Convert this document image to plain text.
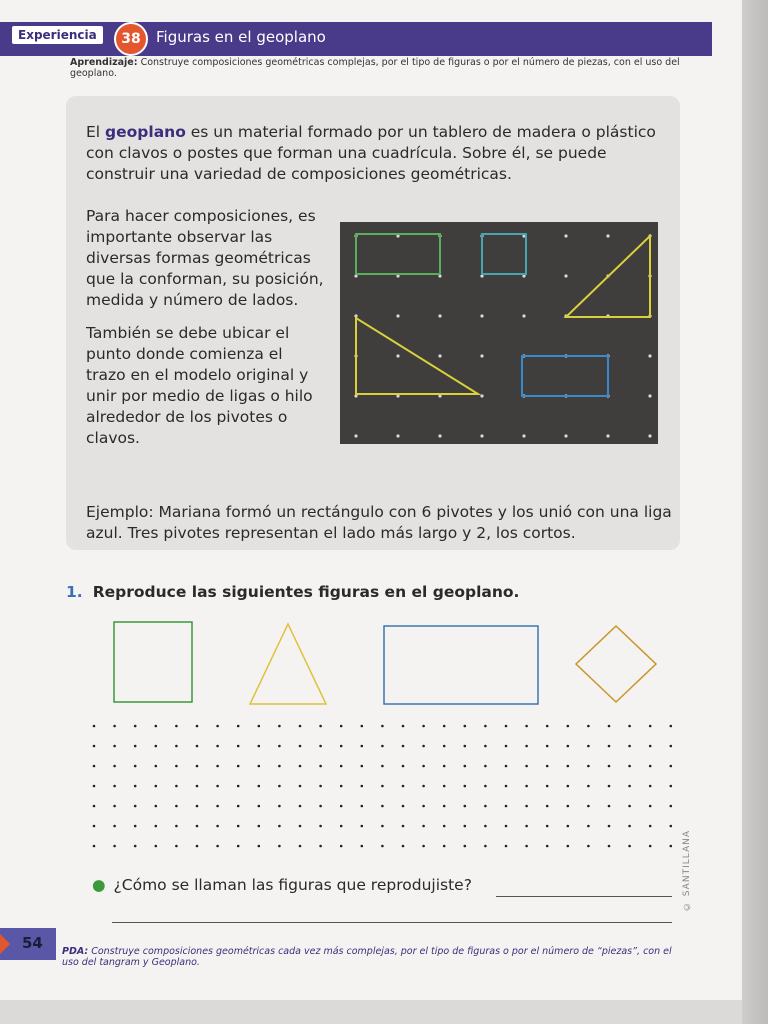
Experiencia	38	Figuras en el geoplano
Aprendizaje: Construye composiciones geométricas complejas, por el tipo de figuras o por el número de piezas, con el uso del geoplano.
El geoplano es un material formado por un tablero de madera o plástico con clavos o postes que forman una cuadrícula. Sobre él, se puede construir una variedad de composiciones geométricas.

Para hacer composiciones, es importante observar las diversas formas geométricas que la conforman, su posición, medida y número de lados.

También se debe ubicar el punto donde comienza el trazo en el modelo original y unir por medio de ligas o hilo alrededor de los pivotes o clavos.

Ejemplo: Mariana formó un rectángulo con 6 pivotes y los unió con una liga azul. Tres pivotes representan el lado más largo y 2, los cortos.
1. Reproduce las siguientes figuras en el geoplano.
● ¿Cómo se llaman las figuras que reprodujiste?	© SANTILLANA
54 PDA: Construye composiciones geométricas cada vez más complejas, por el tipo de figuras o por el número de “piezas”, con el uso del tangram y Geoplano.
